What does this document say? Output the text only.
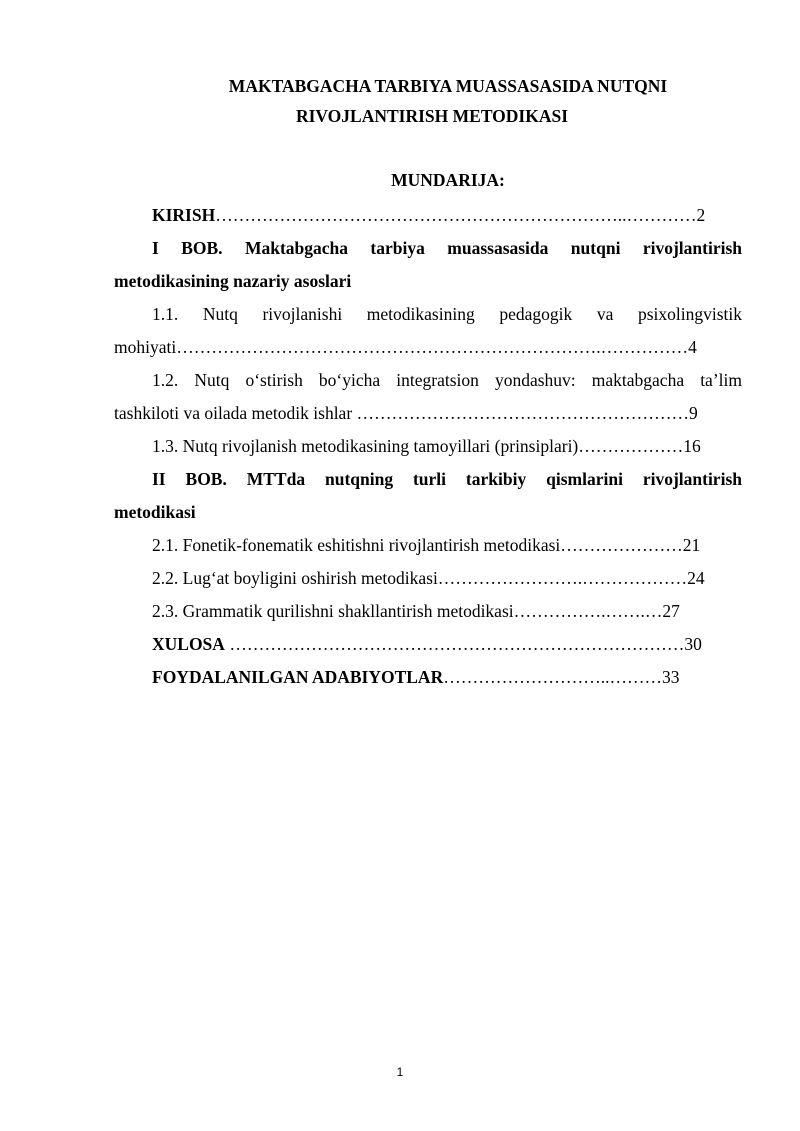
MAKTABGACHA TARBIYA MUASSASASIDA NUTQNI
RIVOJLANTIRISH METODIKASI
MUNDARIJA:
KIRISH……………………………………………………………..…………2
I BOB. Maktabgacha tarbiya muassasasida nutqni rivojlantirish
metodikasining nazariy asoslari
1.1. Nutq rivojlanishi metodikasining pedagogik va psixolingvistik
mohiyati……………………………………………………………….……………4
1.2. Nutq o‘stirish bo‘yicha integratsion yondashuv: maktabgacha ta’lim
tashkiloti va oilada metodik ishlar …………………………………………………9
1.3. Nutq rivojlanish metodikasining tamoyillari (prinsiplari)………………16
II BOB. MTTda nutqning turli tarkibiy qismlarini rivojlantirish
metodikasi
2.1. Fonetik-fonematik eshitishni rivojlantirish metodikasi…………………21
2.2. Lug‘at boyligini oshirish metodikasi…………………….………………24
2.3. Grammatik qurilishni shakllantirish metodikasi…………….…….…27
XULOSA ……………………………………………………………………30
FOYDALANILGAN ADABIYOTLAR………………………..………33
1
